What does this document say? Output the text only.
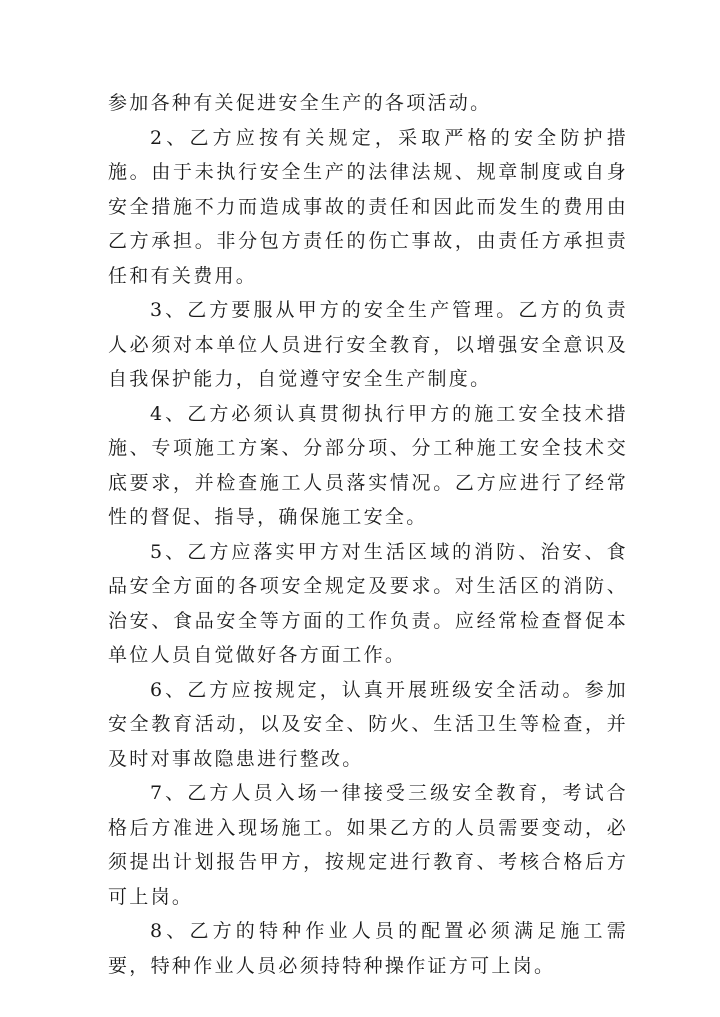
参加各种有关促进安全生产的各项活动。

2、乙方应按有关规定，采取严格的安全防护措施。由于未执行安全生产的法律法规、规章制度或自身安全措施不力而造成事故的责任和因此而发生的费用由乙方承担。非分包方责任的伤亡事故，由责任方承担责任和有关费用。

3、乙方要服从甲方的安全生产管理。乙方的负责人必须对本单位人员进行安全教育，以增强安全意识及自我保护能力，自觉遵守安全生产制度。

4、乙方必须认真贯彻执行甲方的施工安全技术措施、专项施工方案、分部分项、分工种施工安全技术交底要求，并检查施工人员落实情况。乙方应进行了经常性的督促、指导，确保施工安全。

5、乙方应落实甲方对生活区域的消防、治安、食品安全方面的各项安全规定及要求。对生活区的消防、治安、食品安全等方面的工作负责。应经常检查督促本单位人员自觉做好各方面工作。

6、乙方应按规定，认真开展班级安全活动。参加安全教育活动，以及安全、防火、生活卫生等检查，并及时对事故隐患进行整改。

7、乙方人员入场一律接受三级安全教育，考试合格后方准进入现场施工。如果乙方的人员需要变动，必须提出计划报告甲方，按规定进行教育、考核合格后方可上岗。

8、乙方的特种作业人员的配置必须满足施工需要，特种作业人员必须持特种操作证方可上岗。
